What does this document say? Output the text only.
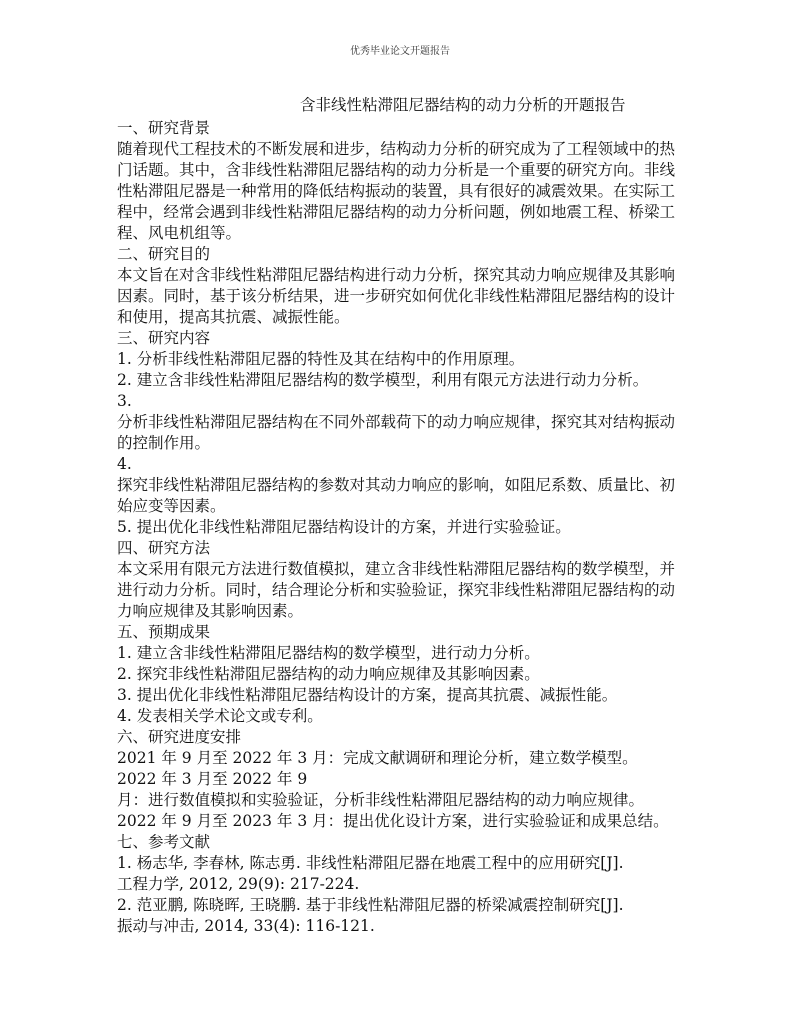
优秀毕业论文开题报告
含非线性粘滞阻尼器结构的动力分析的开题报告
一、研究背景
随着现代工程技术的不断发展和进步，结构动力分析的研究成为了工程领域中的热
门话题。其中，含非线性粘滞阻尼器结构的动力分析是一个重要的研究方向。非线
性粘滞阻尼器是一种常用的降低结构振动的装置，具有很好的减震效果。在实际工
程中，经常会遇到非线性粘滞阻尼器结构的动力分析问题，例如地震工程、桥梁工
程、风电机组等。
二、研究目的
本文旨在对含非线性粘滞阻尼器结构进行动力分析，探究其动力响应规律及其影响
因素。同时，基于该分析结果，进一步研究如何优化非线性粘滞阻尼器结构的设计
和使用，提高其抗震、减振性能。
三、研究内容
1. 分析非线性粘滞阻尼器的特性及其在结构中的作用原理。
2. 建立含非线性粘滞阻尼器结构的数学模型，利用有限元方法进行动力分析。
3.
分析非线性粘滞阻尼器结构在不同外部载荷下的动力响应规律，探究其对结构振动
的控制作用。
4.
探究非线性粘滞阻尼器结构的参数对其动力响应的影响，如阻尼系数、质量比、初
始应变等因素。
5. 提出优化非线性粘滞阻尼器结构设计的方案，并进行实验验证。
四、研究方法
本文采用有限元方法进行数值模拟，建立含非线性粘滞阻尼器结构的数学模型，并
进行动力分析。同时，结合理论分析和实验验证，探究非线性粘滞阻尼器结构的动
力响应规律及其影响因素。
五、预期成果
1. 建立含非线性粘滞阻尼器结构的数学模型，进行动力分析。
2. 探究非线性粘滞阻尼器结构的动力响应规律及其影响因素。
3. 提出优化非线性粘滞阻尼器结构设计的方案，提高其抗震、减振性能。
4. 发表相关学术论文或专利。
六、研究进度安排
2021 年 9 月至 2022 年 3 月：完成文献调研和理论分析，建立数学模型。
2022 年 3 月至 2022 年 9
月：进行数值模拟和实验验证，分析非线性粘滞阻尼器结构的动力响应规律。
2022 年 9 月至 2023 年 3 月：提出优化设计方案，进行实验验证和成果总结。
七、参考文献
1. 杨志华, 李春林, 陈志勇. 非线性粘滞阻尼器在地震工程中的应用研究[J].
工程力学, 2012, 29(9): 217-224.
2. 范亚鹏, 陈晓晖, 王晓鹏. 基于非线性粘滞阻尼器的桥梁减震控制研究[J].
振动与冲击, 2014, 33(4): 116-121.
